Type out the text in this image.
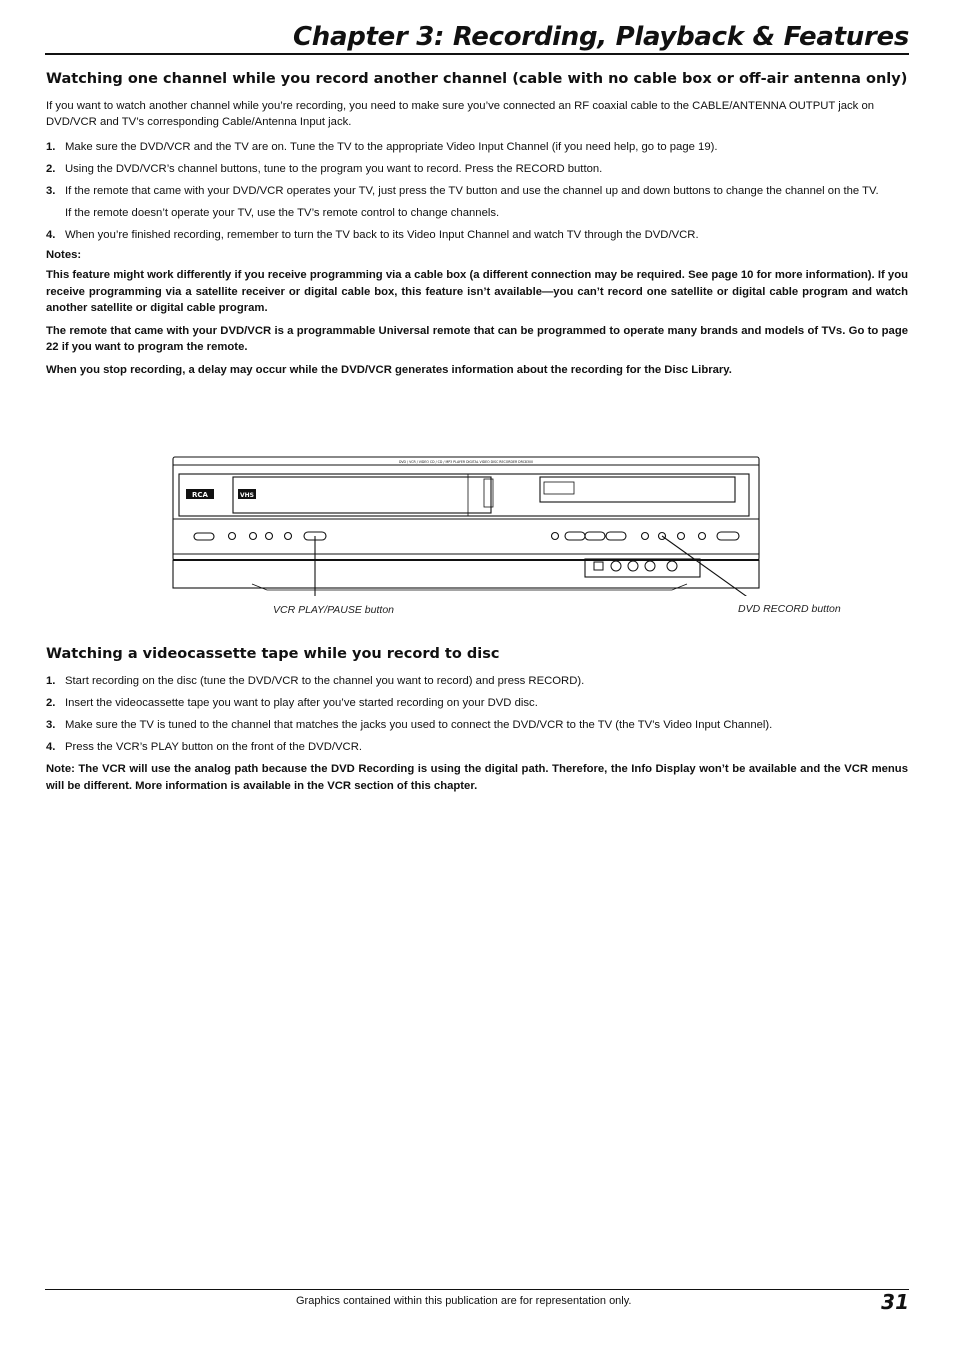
Chapter 3: Recording, Playback & Features
Watching one channel while you record another channel (cable with no cable box or off-air antenna only)

If you want to watch another channel while you’re recording, you need to make sure you’ve connected an RF coaxial cable to the CABLE/ANTENNA OUTPUT jack on DVD/VCR and TV’s corresponding Cable/Antenna Input jack.

1. Make sure the DVD/VCR and the TV are on. Tune the TV to the appropriate Video Input Channel (if you need help, go to page 19).
2. Using the DVD/VCR’s channel buttons, tune to the program you want to record. Press the RECORD button.
3. If the remote that came with your DVD/VCR operates your TV, just press the TV button and use the channel up and down buttons to change the channel on the TV.
If the remote doesn’t operate your TV, use the TV’s remote control to change channels.
4. When you’re finished recording, remember to turn the TV back to its Video Input Channel and watch TV through the DVD/VCR.
Notes:

This feature might work differently if you receive programming via a cable box (a different connection may be required. See page 10 for more information). If you receive programming via a satellite receiver or digital cable box, this feature isn’t available—you can’t record one satellite or digital cable program and watch another satellite or digital cable program.

The remote that came with your DVD/VCR is a programmable Universal remote that can be programmed to operate many brands and models of TVs. Go to page 22 if you want to program the remote.

When you stop recording, a delay may occur while the DVD/VCR generates information about the recording for the Disc Library.

RCA	VHS
DVD / VCR / VIDEO CD / CD / MP3 PLAYER DIGITAL VIDEO DISC RECORDER DRC8300
VCR PLAY/PAUSE button	DVD RECORD button
Watching a videocassette tape while you record to disc
1. Start recording on the disc (tune the DVD/VCR to the channel you want to record) and press RECORD).
2. Insert the videocassette tape you want to play after you’ve started recording on your DVD disc.
3. Make sure the TV is tuned to the channel that matches the jacks you used to connect the DVD/VCR to the TV (the TV’s Video Input Channel).
4. Press the VCR’s PLAY button on the front of the DVD/VCR.

Note: The VCR will use the analog path because the DVD Recording is using the digital path. Therefore, the Info Display won’t be available and the VCR menus will be different. More information is available in the VCR section of this chapter.

Graphics contained within this publication are for representation only.	31
